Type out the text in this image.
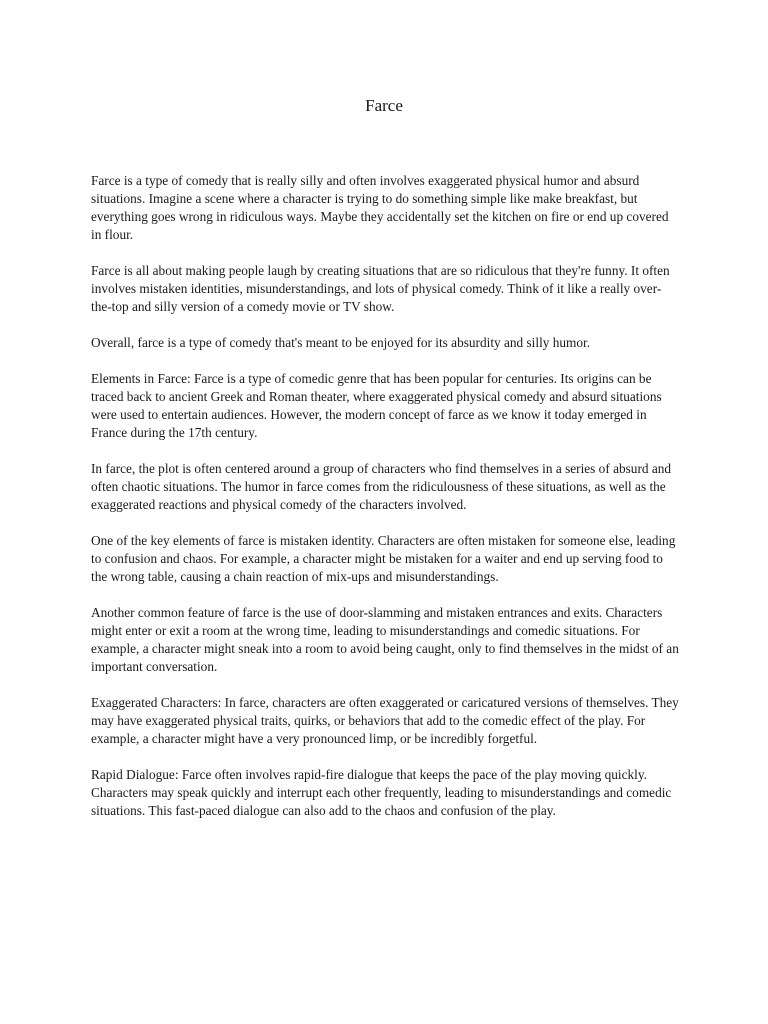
Farce

Farce is a type of comedy that is really silly and often involves exaggerated physical humor and absurd situations. Imagine a scene where a character is trying to do something simple like make breakfast, but everything goes wrong in ridiculous ways. Maybe they accidentally set the kitchen on fire or end up covered in flour.

Farce is all about making people laugh by creating situations that are so ridiculous that they're funny. It often involves mistaken identities, misunderstandings, and lots of physical comedy. Think of it like a really over-the-top and silly version of a comedy movie or TV show.

Overall, farce is a type of comedy that's meant to be enjoyed for its absurdity and silly humor.

Elements in Farce: Farce is a type of comedic genre that has been popular for centuries. Its origins can be traced back to ancient Greek and Roman theater, where exaggerated physical comedy and absurd situations were used to entertain audiences. However, the modern concept of farce as we know it today emerged in France during the 17th century.

In farce, the plot is often centered around a group of characters who find themselves in a series of absurd and often chaotic situations. The humor in farce comes from the ridiculousness of these situations, as well as the exaggerated reactions and physical comedy of the characters involved.

One of the key elements of farce is mistaken identity. Characters are often mistaken for someone else, leading to confusion and chaos. For example, a character might be mistaken for a waiter and end up serving food to the wrong table, causing a chain reaction of mix-ups and misunderstandings.

Another common feature of farce is the use of door-slamming and mistaken entrances and exits. Characters might enter or exit a room at the wrong time, leading to misunderstandings and comedic situations. For example, a character might sneak into a room to avoid being caught, only to find themselves in the midst of an important conversation.

Exaggerated Characters: In farce, characters are often exaggerated or caricatured versions of themselves. They may have exaggerated physical traits, quirks, or behaviors that add to the comedic effect of the play. For example, a character might have a very pronounced limp, or be incredibly forgetful.

Rapid Dialogue: Farce often involves rapid-fire dialogue that keeps the pace of the play moving quickly. Characters may speak quickly and interrupt each other frequently, leading to misunderstandings and comedic situations. This fast-paced dialogue can also add to the chaos and confusion of the play.
